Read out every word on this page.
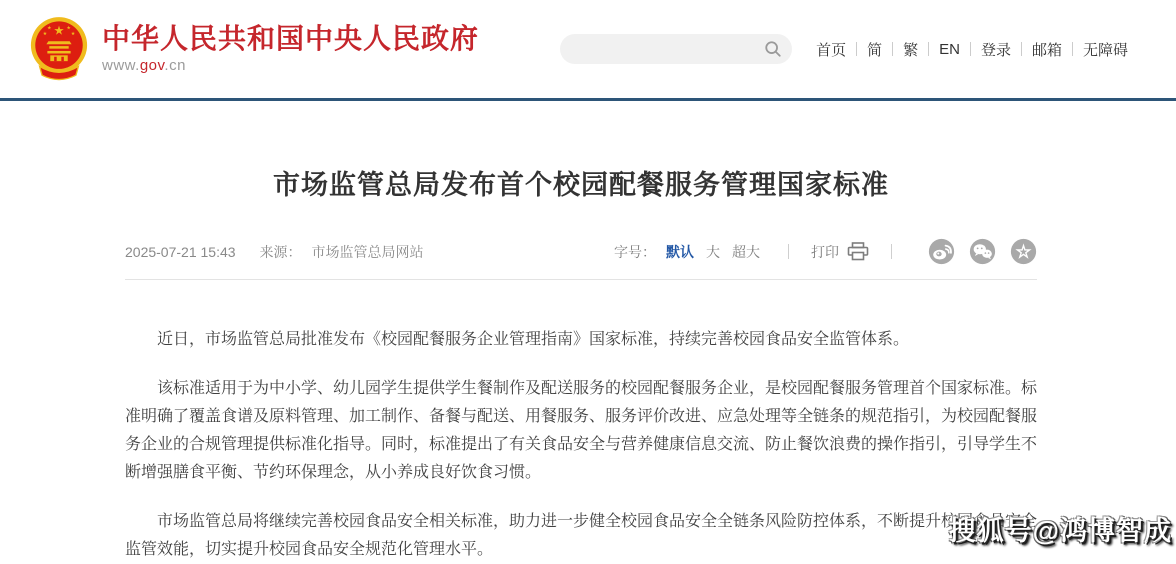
中华人民共和国中央人民政府
www.gov.cn
首页	简	繁	EN	登录	邮箱	无障碍
市场监管总局发布首个校园配餐服务管理国家标准
2025-07-21 15:43 来源： 市场监管总局网站	字号： 默认 大 超大	打印

近日，市场监管总局批准发布《校园配餐服务企业管理指南》国家标准，持续完善校园食品安全监管体系。

该标准适用于为中小学、幼儿园学生提供学生餐制作及配送服务的校园配餐服务企业，是校园配餐服务管理首个国家标准。标准明确了覆盖食谱及原料管理、加工制作、备餐与配送、用餐服务、服务评价改进、应急处理等全链条的规范指引，为校园配餐服务企业的合规管理提供标准化指导。同时，标准提出了有关食品安全与营养健康信息交流、防止餐饮浪费的操作指引，引导学生不断增强膳食平衡、节约环保理念，从小养成良好饮食习惯。

市场监管总局将继续完善校园食品安全相关标准，助力进一步健全校园食品安全全链条风险防控体系，不断提升校园食品安全监管效能，切实提升校园食品安全规范化管理水平。

搜狐号@鸿博智成
